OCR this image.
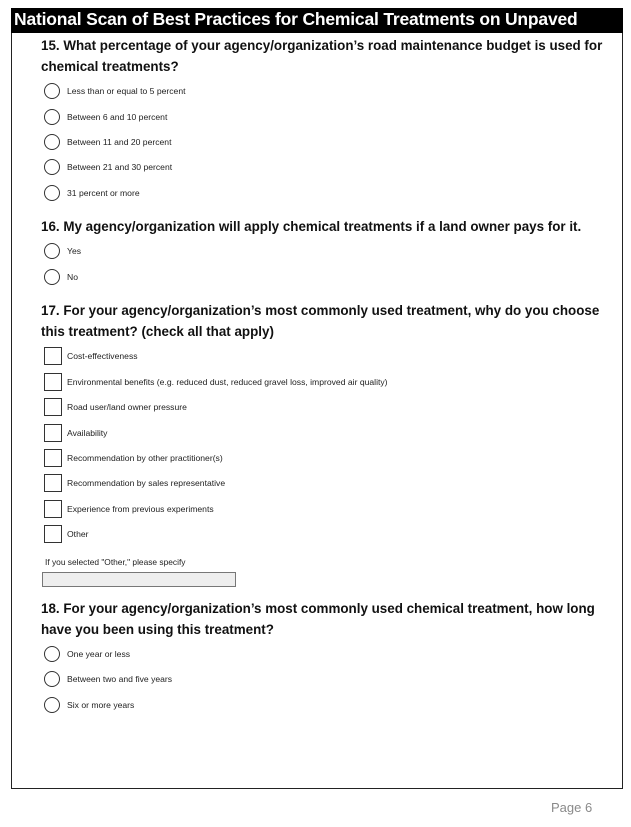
National Scan of Best Practices for Chemical Treatments on Unpaved
15. What percentage of your agency/organization’s road maintenance budget is used for chemical treatments?
Less than or equal to 5 percent
Between 6 and 10 percent
Between 11 and 20 percent
Between 21 and 30 percent
31 percent or more
16. My agency/organization will apply chemical treatments if a land owner pays for it.
Yes
No
17. For your agency/organization’s most commonly used treatment, why do you choose this treatment? (check all that apply)
Cost-effectiveness
Environmental benefits (e.g. reduced dust, reduced gravel loss, improved air quality)
Road user/land owner pressure
Availability
Recommendation by other practitioner(s)
Recommendation by sales representative
Experience from previous experiments
Other
If you selected "Other," please specify
18. For your agency/organization’s most commonly used chemical treatment, how long have you been using this treatment?
One year or less
Between two and five years
Six or more years
Page 6
